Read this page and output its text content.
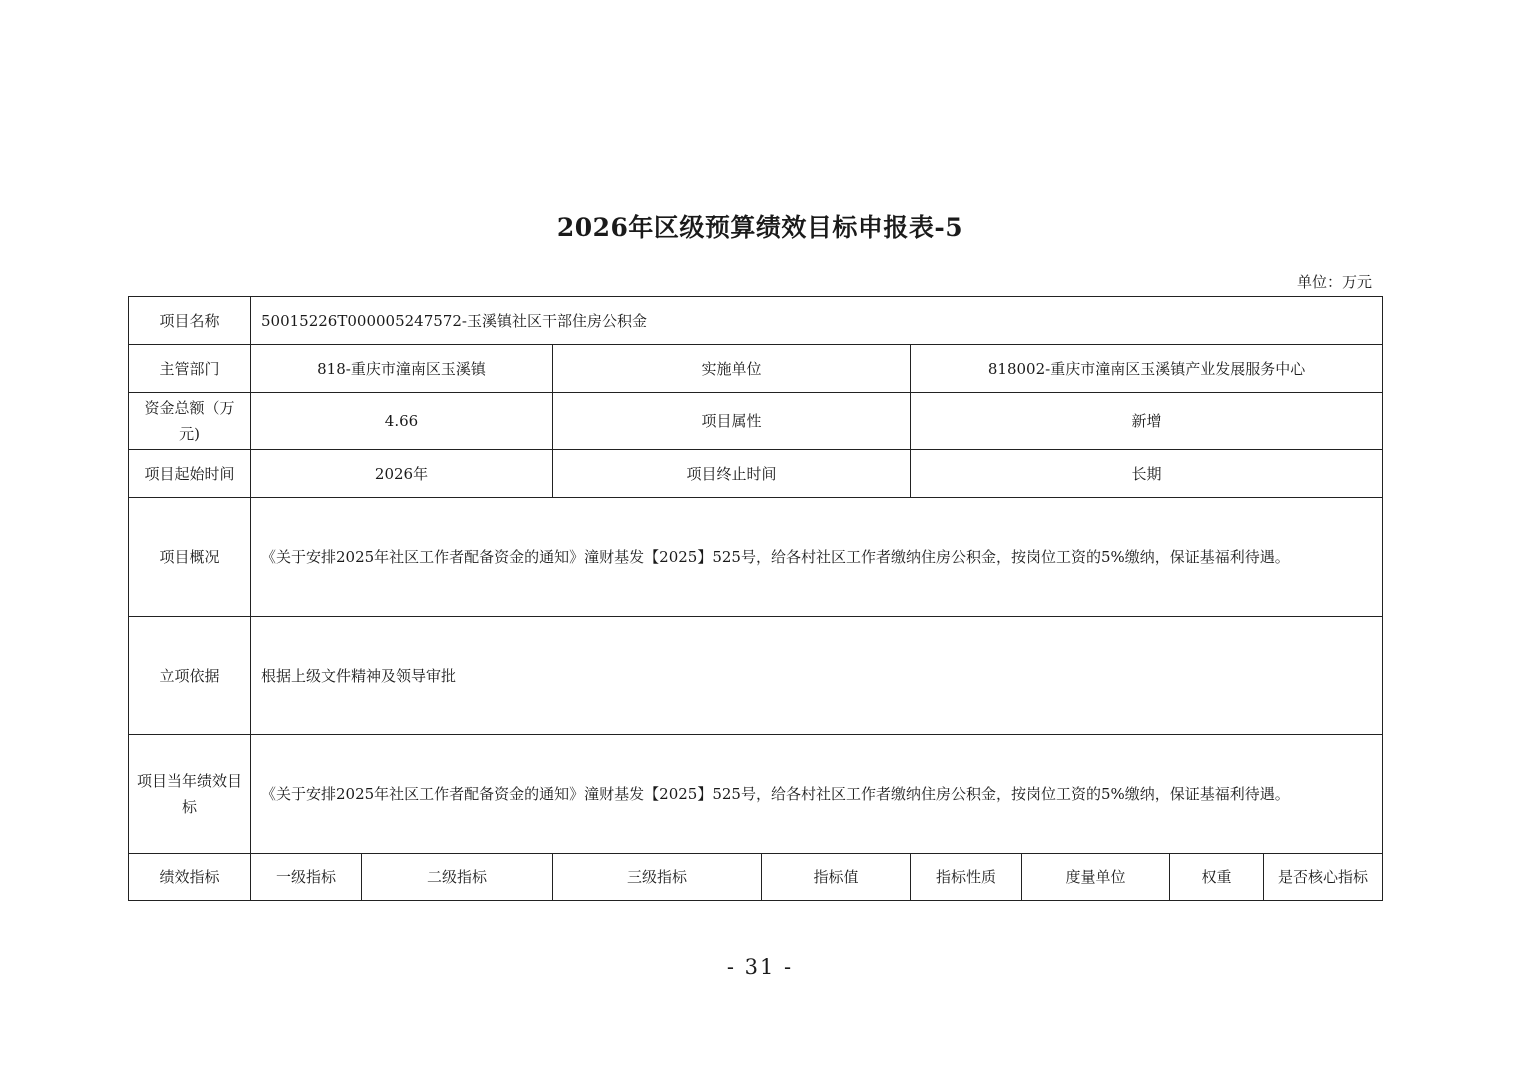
2026年区级预算绩效目标申报表-5
单位：万元
项目名称	50015226T000005247572-玉溪镇社区干部住房公积金							
主管部门	818-重庆市潼南区玉溪镇		实施单位		818002-重庆市潼南区玉溪镇产业发展服务中心			
资金总额（万元)	4.66		项目属性		新增			
项目起始时间	2026年		项目终止时间		长期			
项目概况	《关于安排2025年社区工作者配备资金的通知》潼财基发【2025】525号，给各村社区工作者缴纳住房公积金，按岗位工资的5%缴纳，保证基福利待遇。							
立项依据	根据上级文件精神及领导审批							
项目当年绩效目标	《关于安排2025年社区工作者配备资金的通知》潼财基发【2025】525号，给各村社区工作者缴纳住房公积金，按岗位工资的5%缴纳，保证基福利待遇。							
绩效指标	一级指标	二级指标	三级指标	指标值	指标性质	度量单位	权重	是否核心指标
- 31 -
